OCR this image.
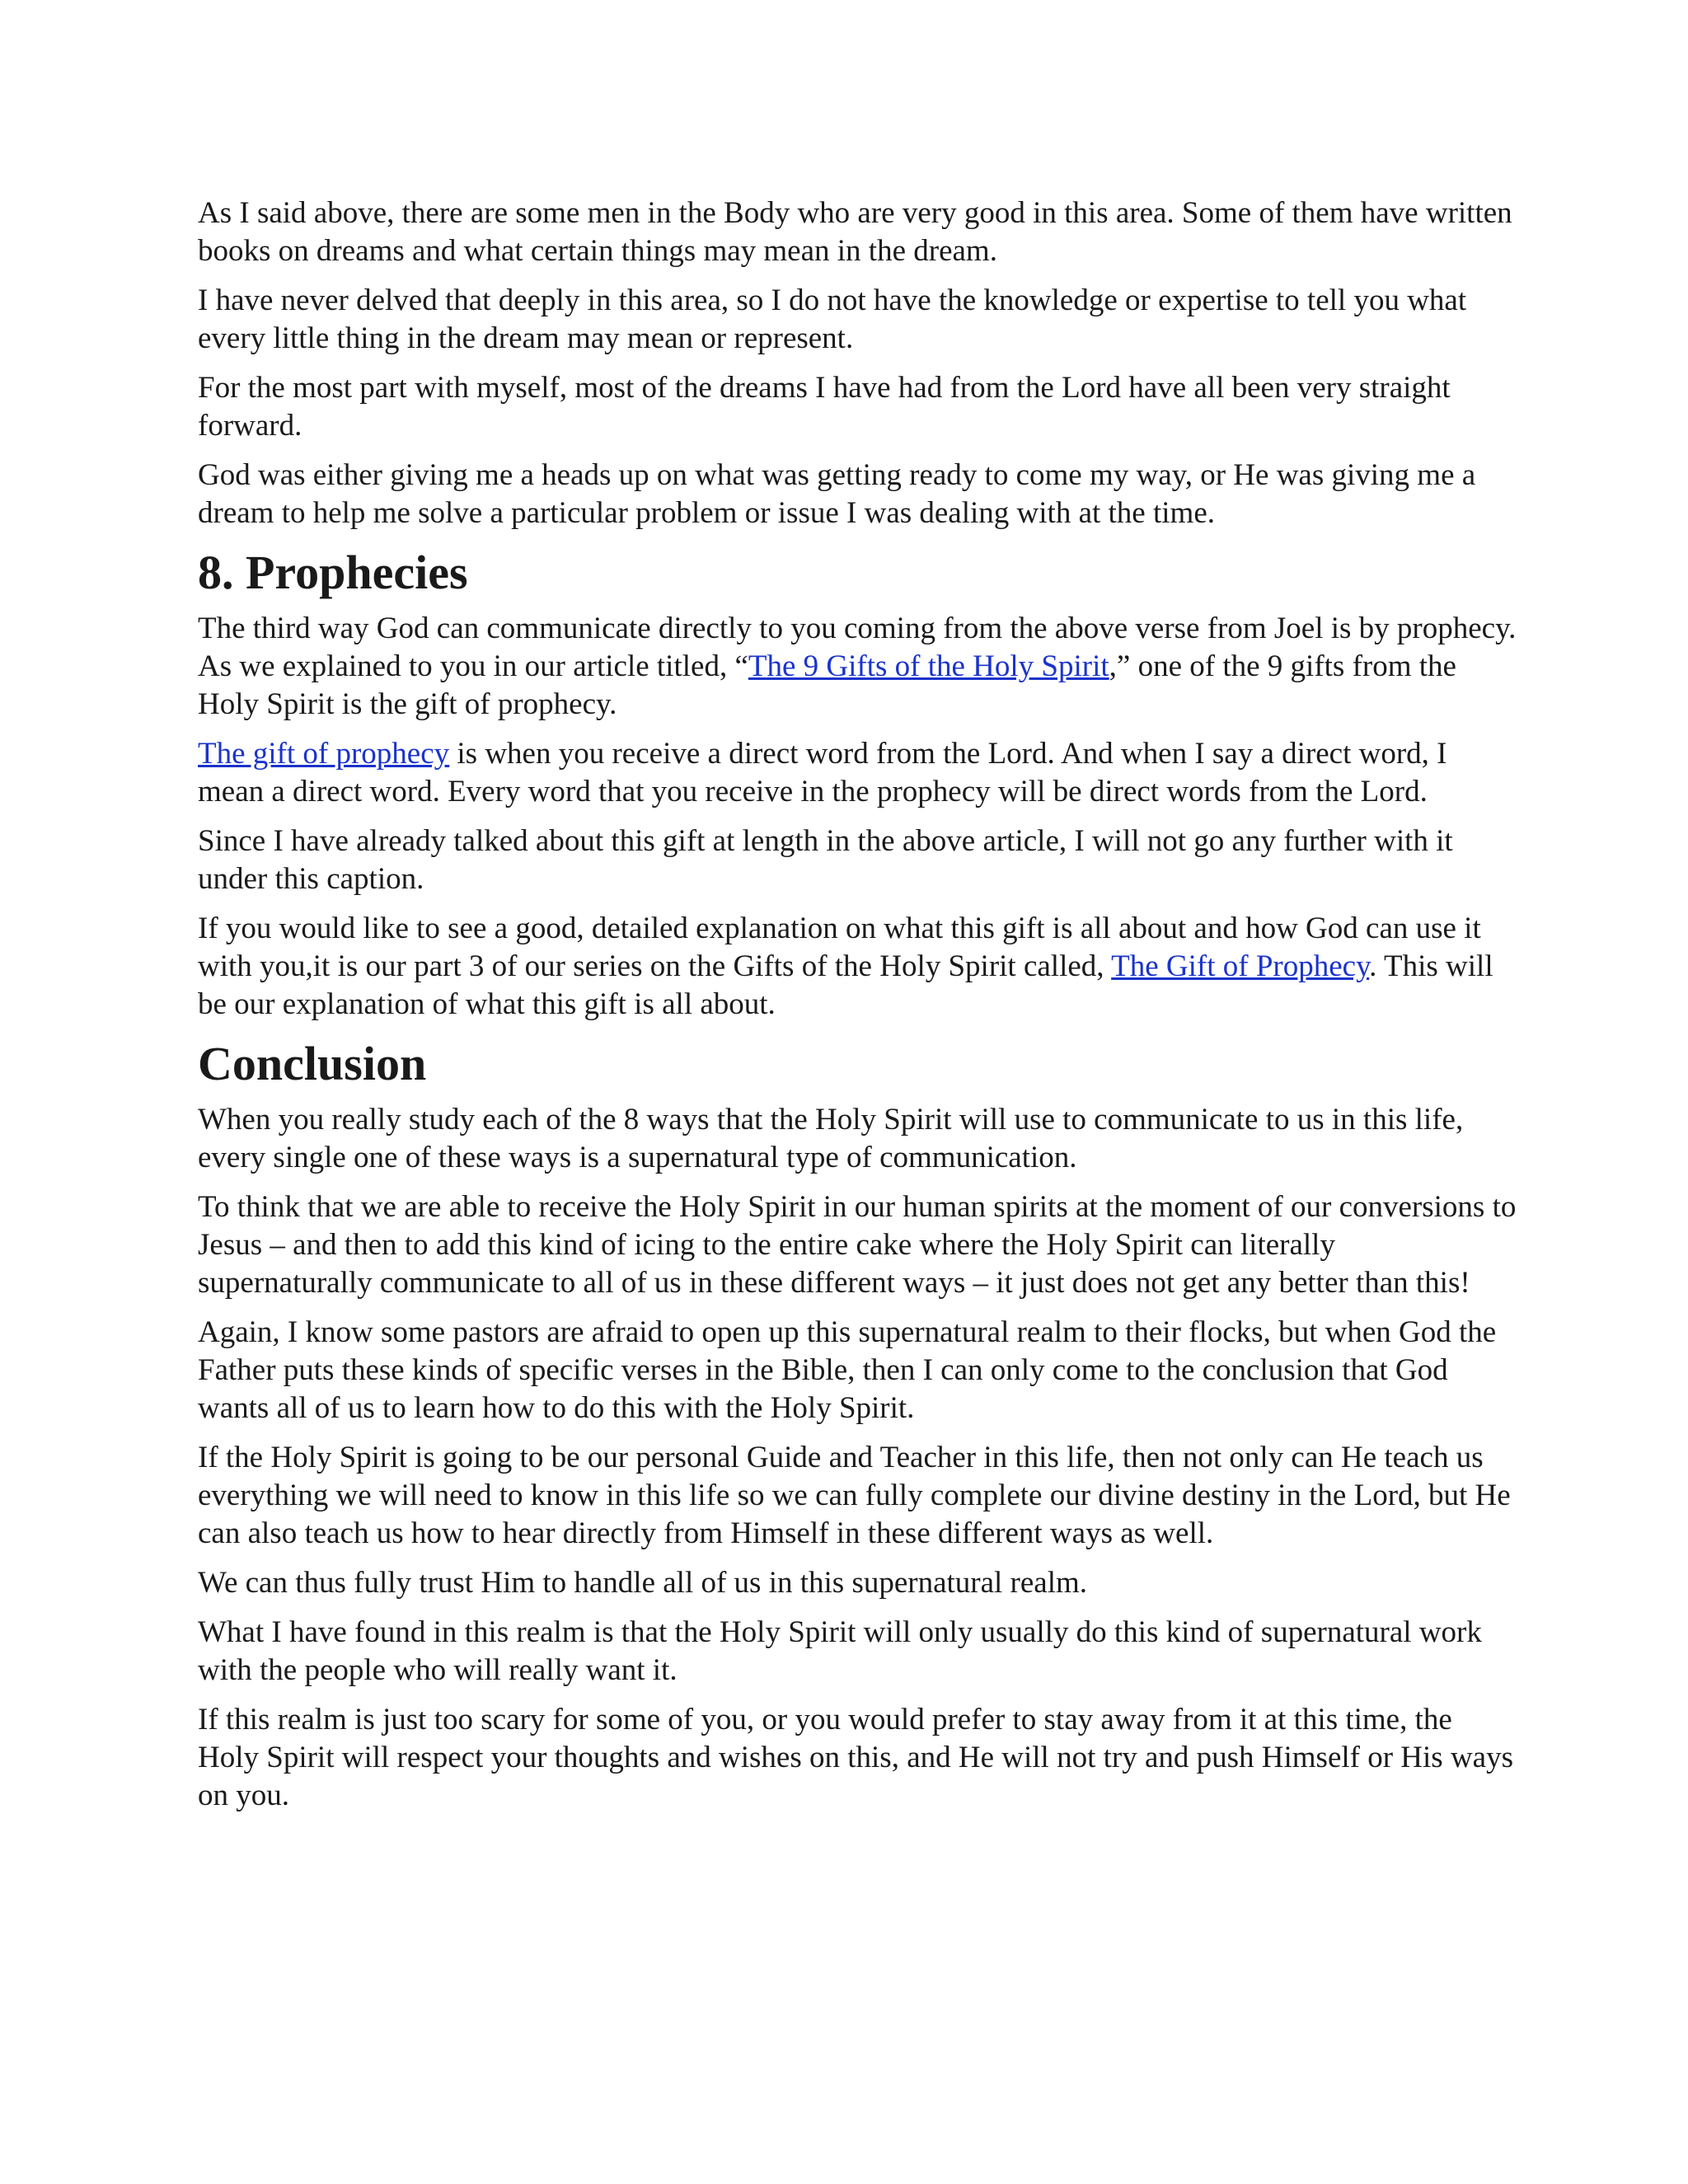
As I said above, there are some men in the Body who are very good in this area. Some of them have written books on dreams and what certain things may mean in the dream.

I have never delved that deeply in this area, so I do not have the knowledge or expertise to tell you what every little thing in the dream may mean or represent.

For the most part with myself, most of the dreams I have had from the Lord have all been very straight forward.

God was either giving me a heads up on what was getting ready to come my way, or He was giving me a dream to help me solve a particular problem or issue I was dealing with at the time.

8. Prophecies

The third way God can communicate directly to you coming from the above verse from Joel is by prophecy. As we explained to you in our article titled, “The 9 Gifts of the Holy Spirit,” one of the 9 gifts from the Holy Spirit is the gift of prophecy.

The gift of prophecy is when you receive a direct word from the Lord. And when I say a direct word, I mean a direct word. Every word that you receive in the prophecy will be direct words from the Lord.

Since I have already talked about this gift at length in the above article, I will not go any further with it under this caption.

If you would like to see a good, detailed explanation on what this gift is all about and how God can use it with you,it is our part 3 of our series on the Gifts of the Holy Spirit called, The Gift of Prophecy. This will be our explanation of what this gift is all about.

Conclusion

When you really study each of the 8 ways that the Holy Spirit will use to communicate to us in this life, every single one of these ways is a supernatural type of communication.

To think that we are able to receive the Holy Spirit in our human spirits at the moment of our conversions to Jesus – and then to add this kind of icing to the entire cake where the Holy Spirit can literally supernaturally communicate to all of us in these different ways – it just does not get any better than this!

Again, I know some pastors are afraid to open up this supernatural realm to their flocks, but when God the Father puts these kinds of specific verses in the Bible, then I can only come to the conclusion that God wants all of us to learn how to do this with the Holy Spirit.

If the Holy Spirit is going to be our personal Guide and Teacher in this life, then not only can He teach us everything we will need to know in this life so we can fully complete our divine destiny in the Lord, but He can also teach us how to hear directly from Himself in these different ways as well.

We can thus fully trust Him to handle all of us in this supernatural realm.

What I have found in this realm is that the Holy Spirit will only usually do this kind of supernatural work with the people who will really want it.

If this realm is just too scary for some of you, or you would prefer to stay away from it at this time, the Holy Spirit will respect your thoughts and wishes on this, and He will not try and push Himself or His ways on you.
